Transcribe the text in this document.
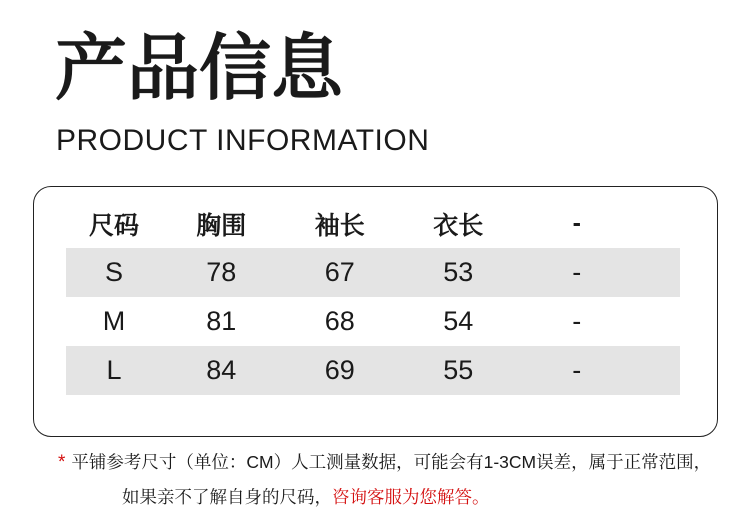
产品信息
PRODUCT INFORMATION
尺码	胸围	袖长	衣长	-
S	78	67	53	-
M	81	68	54	-
L	84	69	55	-
* 平铺参考尺寸（单位：CM）人工测量数据，可能会有1-3CM误差，属于正常范围，
如果亲不了解自身的尺码，咨询客服为您解答。
